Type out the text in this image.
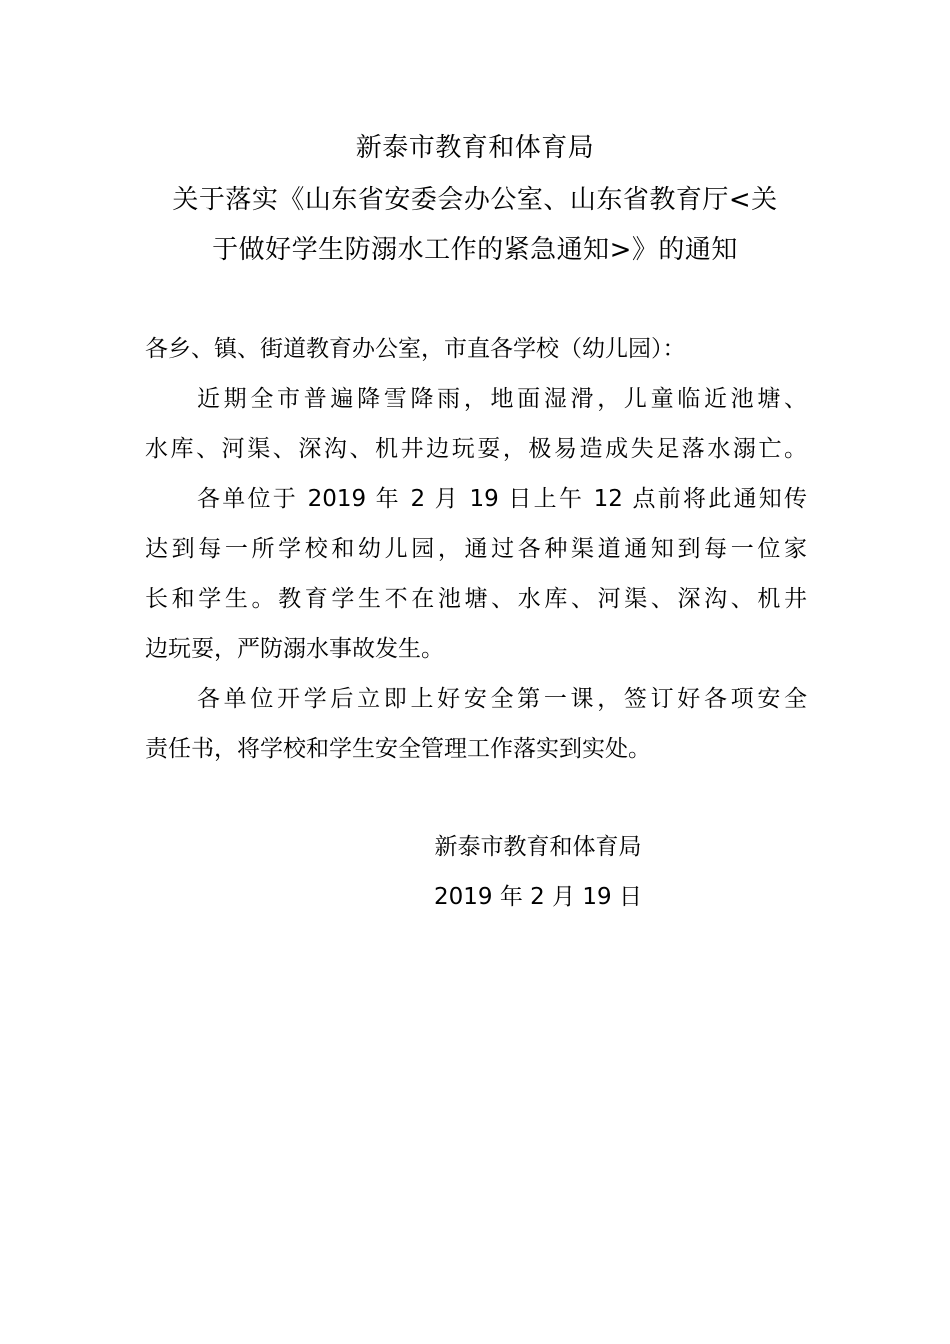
新泰市教育和体育局
关于落实《山东省安委会办公室、山东省教育厅<关
于做好学生防溺水工作的紧急通知>》的通知
各乡、镇、街道教育办公室，市直各学校（幼儿园）：
近期全市普遍降雪降雨，地面湿滑，儿童临近池塘、
水库、河渠、深沟、机井边玩耍，极易造成失足落水溺亡。
各单位于 2019 年 2 月 19 日上午 12 点前将此通知传
达到每一所学校和幼儿园，通过各种渠道通知到每一位家
长和学生。教育学生不在池塘、水库、河渠、深沟、机井
边玩耍，严防溺水事故发生。
各单位开学后立即上好安全第一课，签订好各项安全
责任书，将学校和学生安全管理工作落实到实处。
新泰市教育和体育局
2019 年 2 月 19 日
